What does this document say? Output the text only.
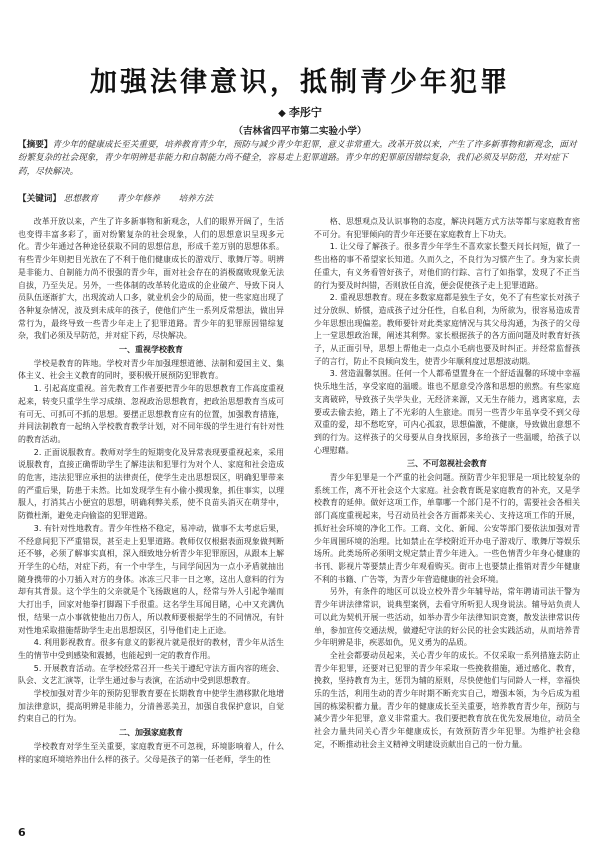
加强法律意识，抵制青少年犯罪
◆ 李彤宁
（吉林省四平市第二实验小学）
【摘要】青少年的健康成长至关重要，培养教育青少年，预防与减少青少年犯罪，意义非常重大。改革开放以来，产生了许多新事物和新观念，面对纷繁复杂的社会现象，青少年明辨是非能力和自制能力尚不健全，容易走上犯罪道路。青少年的犯罪原因错综复杂，我们必须及早防范，并对症下药，尽快解决。
【关键词】 思想教育 青少年修养 培养方法

改革开放以来，产生了许多新事物和新观念，人们的眼界开阔了，生活也变得丰富多彩了，面对纷繁复杂的社会现象，人们的思想意识呈现多元化。青少年通过各种途径获取不同的思想信息，形成千差万别的思想体系。有些青少年则把目光放在了不利于他们健康成长的游戏厅、歌舞厅等。明辨是非能力、自制能力尚不很强的青少年，面对社会存在的消极腐败现象无法自拔，乃至失足。另外，一些体制的改革转化造成的企业破产、导致下岗人员队伍逐渐扩大，出现流动人口多，就业机会少的局面，使一些家庭出现了各种复杂情况，波及到未成年的孩子，使他们产生一系列反常想法，做出异常行为，最终导致一些青少年走上了犯罪道路。青少年的犯罪原因错综复杂，我们必须及早防范，并对症下药，尽快解决。

一、重视学校教育

学校是教育的阵地。学校对青少年加强理想道德、法制和爱国主义、集体主义、社会主义教育的同时，要积极开展预防犯罪教育。

1. 引起高度重视。首先教育工作者要把青少年的思想教育工作高度重视起来，转变只重学生学习成绩、忽视政治思想教育，把政治思想教育当成可有可无、可抓可不抓的思想。要摆正思想教育应有的位置，加强教育措施，并同法制教育一起纳入学校教育教学计划，对不同年级的学生进行有针对性的教育活动。

2. 正面说服教育。教师对学生的短期变化及异常表现要重视起来，采用说服教育，直接正确帮助学生了解违法和犯罪行为对个人、家庭和社会造成的危害，违法犯罪应承担的法律责任，使学生走出思想误区，明确犯罪带来的严重后果，防患于未然。比如发现学生有小偷小摸现象，抓住事实，以理服人，打消其占小便宜的思想，明确利弊关系，使不良苗头消灭在萌芽中，防微杜渐，避免走向偷盗的犯罪道路。

3. 有针对性地教育。青少年性格不稳定，易冲动，做事不太考虑后果，不经意间犯下严重错误，甚至走上犯罪道路。教师仅仅根据表面现象做判断还不够，必须了解事实真相，深入细致地分析青少年犯罪原因，从跟本上解开学生的心结，对症下药，有一个中学生，与同学间因为一点小矛盾就抽出随身携带的小刀插入对方的身体。冰冻三尺非一日之寒，这出人意料的行为却有其背景。这个学生的父亲就是个飞扬跋扈的人，经常与外人引起争端而大打出手，回家对他拳打脚踢下手很重。这名学生耳闻目睹，心中又充满仇恨，结果一点小事就使他出刀伤人，所以教师要根据学生的不同情况，有针对性地采取措施帮助学生走出思想误区，引导他们走上正途。

4. 利用影视教育。很多有意义的影视片就是很好的教材，青少年从活生生的情节中受到感染和震撼，也能起到一定的教育作用。

5. 开展教育活动。在学校经常召开一些关于遵纪守法方面内容的班会、队会、文艺汇演等，让学生通过参与表演，在活动中受到思想教育。

学校加强对青少年的预防犯罪教育要在长期教育中使学生潜移默化地增加法律意识，提高明辨是非能力，分清善恶美丑，加强自我保护意识，自觉约束自己的行为。

二、加强家庭教育

学校教育对学生至关重要，家庭教育更不可忽视，环境影响着人，什么样的家庭环境培养出什么样的孩子。父母是孩子的第一任老师，学生的性

格、思想观点及认识事物的态度，解决问题方式方法等都与家庭教育密不可分。有犯罪倾向的青少年还要在家庭教育上下功夫。

1. 让父母了解孩子。很多青少年学生不喜欢家长整天问长问短，做了一些出格的事不希望家长知道。久而久之，不良行为习惯产生了。身为家长责任重大，有义务看管好孩子，对他们的行踪、言行了如指掌，发现了不正当的行为要及时纠错，否则放任自流，便会促使孩子走上犯罪道路。

2. 重视思想教育。现在多数家庭都是独生子女，免不了有些家长对孩子过分放纵、娇惯，造成孩子过分任性，自私自利，为所欲为，很容易造成青少年思想出现偏差。教师要针对此类家庭情况与其父母沟通，为孩子的父母上一堂思想政治课，阐述其利弊。家长根据孩子的各方面问题及时教育好孩子，从正面引导，思想上帮他走一点点小毛病也要及时纠正。并经常监督孩子的言行，防止不良倾向发生，使青少年顺利度过思想波动期。

3. 营造温馨氛围。任何一个人都希望置身在一个舒适温馨的环境中幸福快乐地生活，享受家庭的温暖。谁也不愿意受冷落和思想的煎熬。有些家庭支离破碎，导致孩子失学失业，无经济来源，又无生存能力，逃离家庭，去要或去偷去抢，踏上了不光彩的人生旅途。而另一些青少年虽享受不到父母双重的爱，却不愁吃穿，可内心孤寂，思想偏激，不健康，导致做出意想不到的行为。这样孩子的父母要从自身找原因，多给孩子一些温暖，给孩子以心理慰藉。

三、不可忽视社会教育

青少年犯罪是一个严重的社会问题。预防青少年犯罪是一项比较复杂的系统工作，离不开社会这个大家庭。社会教育既是家庭教育的补充，又是学校教育的延伸。做好这项工作，单靠哪一个部门是不行的，需要社会各相关部门高度重视起来，号召动员社会各方面都来关心、支持这项工作的开展，抓好社会环境的净化工作。工商、文化、新闻、公安等部门要依法加强对青少年周围环境的治理。比如禁止在学校附近开办电子游戏厅、歌舞厅等娱乐场所。此类场所必须明文规定禁止青少年进入。一些色情青少年身心健康的书刊、影视片等要禁止青少年观看购买。街市上也要禁止推销对青少年健康不利的书籍、广告等，为青少年营造健康的社会环境。

另外，有条件的地区可以设立校外青少年辅导站，常年聘请司法干警为青少年讲法律常识，说典型案例，去看守所听犯人现身说法。辅导站负责人可以此为契机开展一些活动，如举办青少年法律知识竞赛，散发法律常识传单，参加宣传交通法规，做遵纪守法的好公民的社会实践活动，从而培养青少年明辨是非，疾恶如仇，见义勇为的品质。

全社会都要动员起来，关心青少年的成长。不仅采取一系列措施去防止青少年犯罪，还要对已犯罪的青少年采取一些挽救措施，通过感化、教育，挽救，坚持教育为主，惩罚为辅的原则，尽快使他们与同龄人一样，幸福快乐的生活，利用生动的青少年时期不断充实自己，增强本领，为今后成为祖国的栋梁积蓄力量。青少年的健康成长至关重要，培养教育青少年，预防与减少青少年犯罪，意义非常重大。我们要把教育放在优先发展地位，动员全社会力量共同关心青少年健康成长，有效预防青少年犯罪。为维护社会稳定，不断推动社会主义精神文明建设贡献出自己的一份力量。

6
